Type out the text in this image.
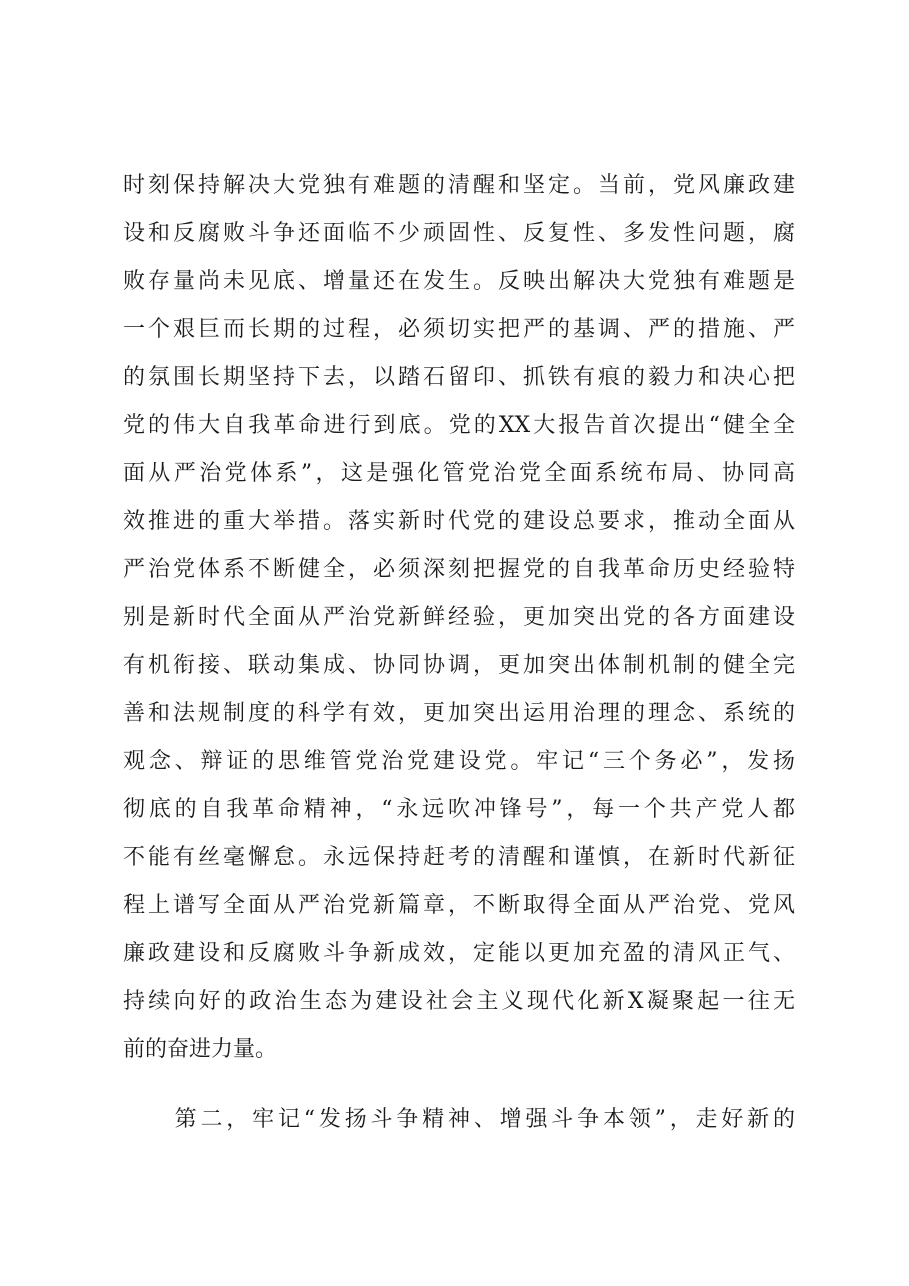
时刻保持解决大党独有难题的清醒和坚定。当前，党风廉政建
设和反腐败斗争还面临不少顽固性、反复性、多发性问题，腐
败存量尚未见底、增量还在发生。反映出解决大党独有难题是
一个艰巨而长期的过程，必须切实把严的基调、严的措施、严
的氛围长期坚持下去，以踏石留印、抓铁有痕的毅力和决心把
党的伟大自我革命进行到底。党的XX大报告首次提出“健全全
面从严治党体系”，这是强化管党治党全面系统布局、协同高
效推进的重大举措。落实新时代党的建设总要求，推动全面从
严治党体系不断健全，必须深刻把握党的自我革命历史经验特
别是新时代全面从严治党新鲜经验，更加突出党的各方面建设
有机衔接、联动集成、协同协调，更加突出体制机制的健全完
善和法规制度的科学有效，更加突出运用治理的理念、系统的
观念、辩证的思维管党治党建设党。牢记“三个务必”，发扬
彻底的自我革命精神，“永远吹冲锋号”，每一个共产党人都
不能有丝毫懈怠。永远保持赶考的清醒和谨慎，在新时代新征
程上谱写全面从严治党新篇章，不断取得全面从严治党、党风
廉政建设和反腐败斗争新成效，定能以更加充盈的清风正气、
持续向好的政治生态为建设社会主义现代化新X凝聚起一往无
前的奋进力量。
　　第二，牢记“发扬斗争精神、增强斗争本领”，走好新的
